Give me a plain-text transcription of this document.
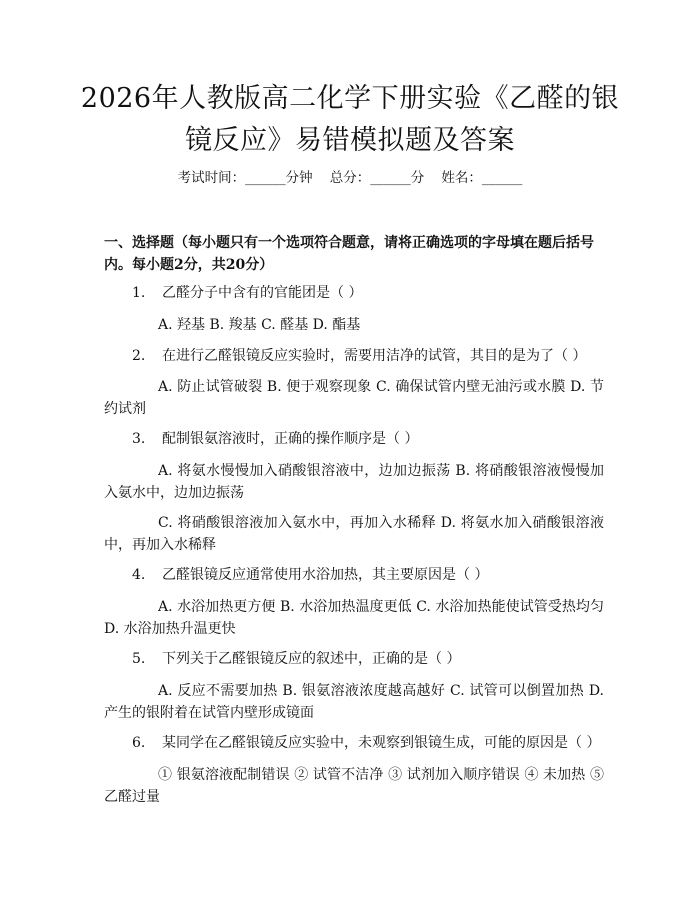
2026年人教版高二化学下册实验《乙醛的银镜反应》易错模拟题及答案
考试时间：______分钟    总分：______分    姓名：______
一、选择题（每小题只有一个选项符合题意，请将正确选项的字母填在题后括号内。每小题2分，共20分）
1. 乙醛分子中含有的官能团是（ ）
A. 羟基 B. 羧基 C. 醛基 D. 酯基
2. 在进行乙醛银镜反应实验时，需要用洁净的试管，其目的是为了（ ）
A. 防止试管破裂 B. 便于观察现象 C. 确保试管内壁无油污或水膜 D. 节约试剂
3. 配制银氨溶液时，正确的操作顺序是（ ）
A. 将氨水慢慢加入硝酸银溶液中，边加边振荡 B. 将硝酸银溶液慢慢加入氨水中，边加边振荡
C. 将硝酸银溶液加入氨水中，再加入水稀释 D. 将氨水加入硝酸银溶液中，再加入水稀释
4. 乙醛银镜反应通常使用水浴加热，其主要原因是（ ）
A. 水浴加热更方便 B. 水浴加热温度更低 C. 水浴加热能使试管受热均匀 D. 水浴加热升温更快
5. 下列关于乙醛银镜反应的叙述中，正确的是（ ）
A. 反应不需要加热 B. 银氨溶液浓度越高越好 C. 试管可以倒置加热 D. 产生的银附着在试管内壁形成镜面
6. 某同学在乙醛银镜反应实验中，未观察到银镜生成，可能的原因是（ ）
① 银氨溶液配制错误 ② 试管不洁净 ③ 试剂加入顺序错误 ④ 未加热 ⑤ 乙醛过量
